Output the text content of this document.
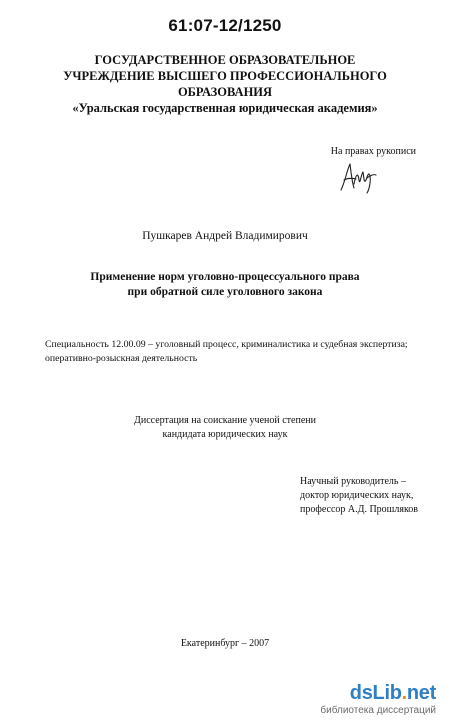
61:07-12/1250
ГОСУДАРСТВЕННОЕ ОБРАЗОВАТЕЛЬНОЕ
УЧРЕЖДЕНИЕ ВЫСШЕГО ПРОФЕССИОНАЛЬНОГО
ОБРАЗОВАНИЯ
«Уральская государственная юридическая академия»
На правах рукописи
Пушкарев Андрей Владимирович
Применение норм уголовно-процессуального права
при обратной силе уголовного закона
Специальность 12.00.09 – уголовный процесс, криминалистика и судебная экспертиза;
оперативно-розыскная деятельность
Диссертация на соискание ученой степени
кандидата юридических наук
Научный руководитель –
доктор юридических наук,
профессор А.Д. Прошляков
Екатеринбург – 2007
dsLib.net
библиотека диссертаций
